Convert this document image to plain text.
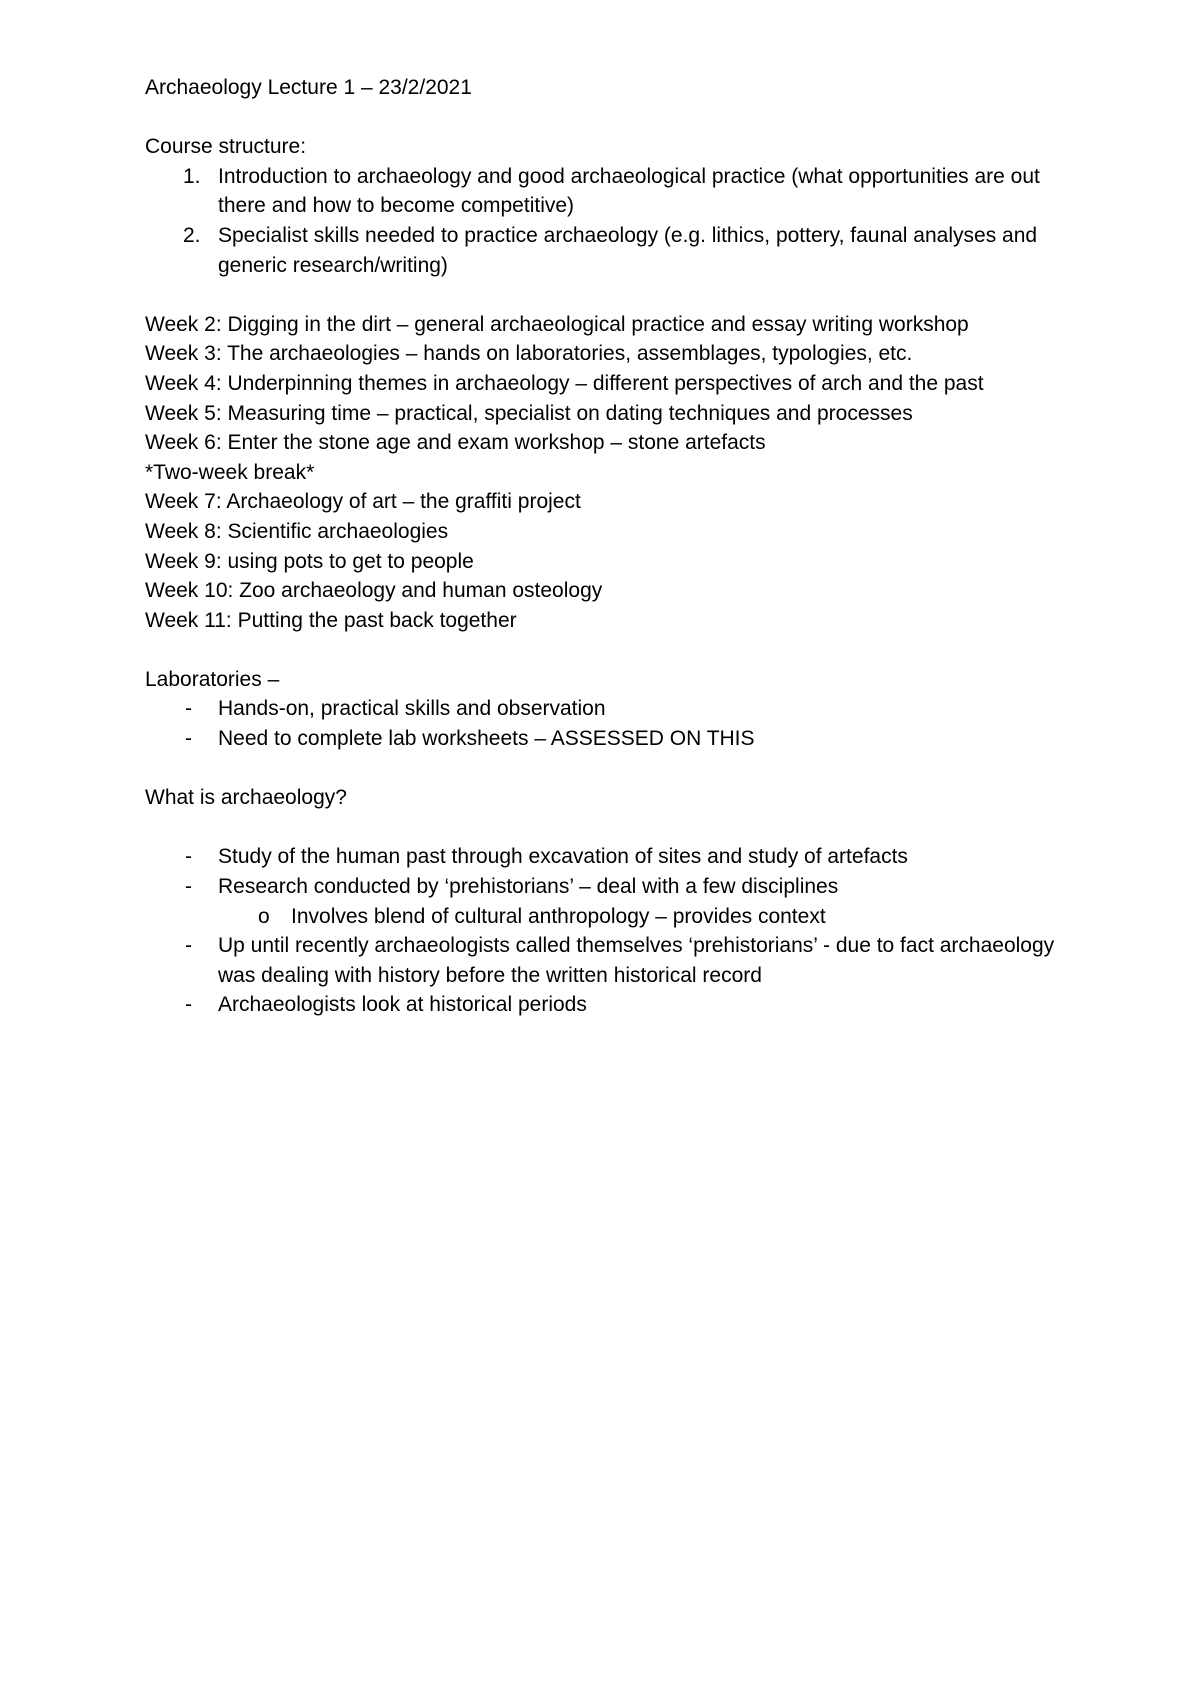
Archaeology Lecture 1 – 23/2/2021
Course structure:
1. Introduction to archaeology and good archaeological practice (what opportunities are out there and how to become competitive)
2. Specialist skills needed to practice archaeology (e.g. lithics, pottery, faunal analyses and generic research/writing)
Week 2: Digging in the dirt – general archaeological practice and essay writing workshop
Week 3: The archaeologies – hands on laboratories, assemblages, typologies, etc.
Week 4: Underpinning themes in archaeology – different perspectives of arch and the past
Week 5: Measuring time – practical, specialist on dating techniques and processes
Week 6: Enter the stone age and exam workshop – stone artefacts
*Two-week break*
Week 7: Archaeology of art – the graffiti project
Week 8: Scientific archaeologies
Week 9: using pots to get to people
Week 10: Zoo archaeology and human osteology
Week 11: Putting the past back together
Laboratories –
- Hands-on, practical skills and observation
- Need to complete lab worksheets – ASSESSED ON THIS
What is archaeology?
- Study of the human past through excavation of sites and study of artefacts
- Research conducted by ‘prehistorians’ – deal with a few disciplines
o Involves blend of cultural anthropology – provides context
- Up until recently archaeologists called themselves ‘prehistorians’ - due to fact archaeology was dealing with history before the written historical record
- Archaeologists look at historical periods
